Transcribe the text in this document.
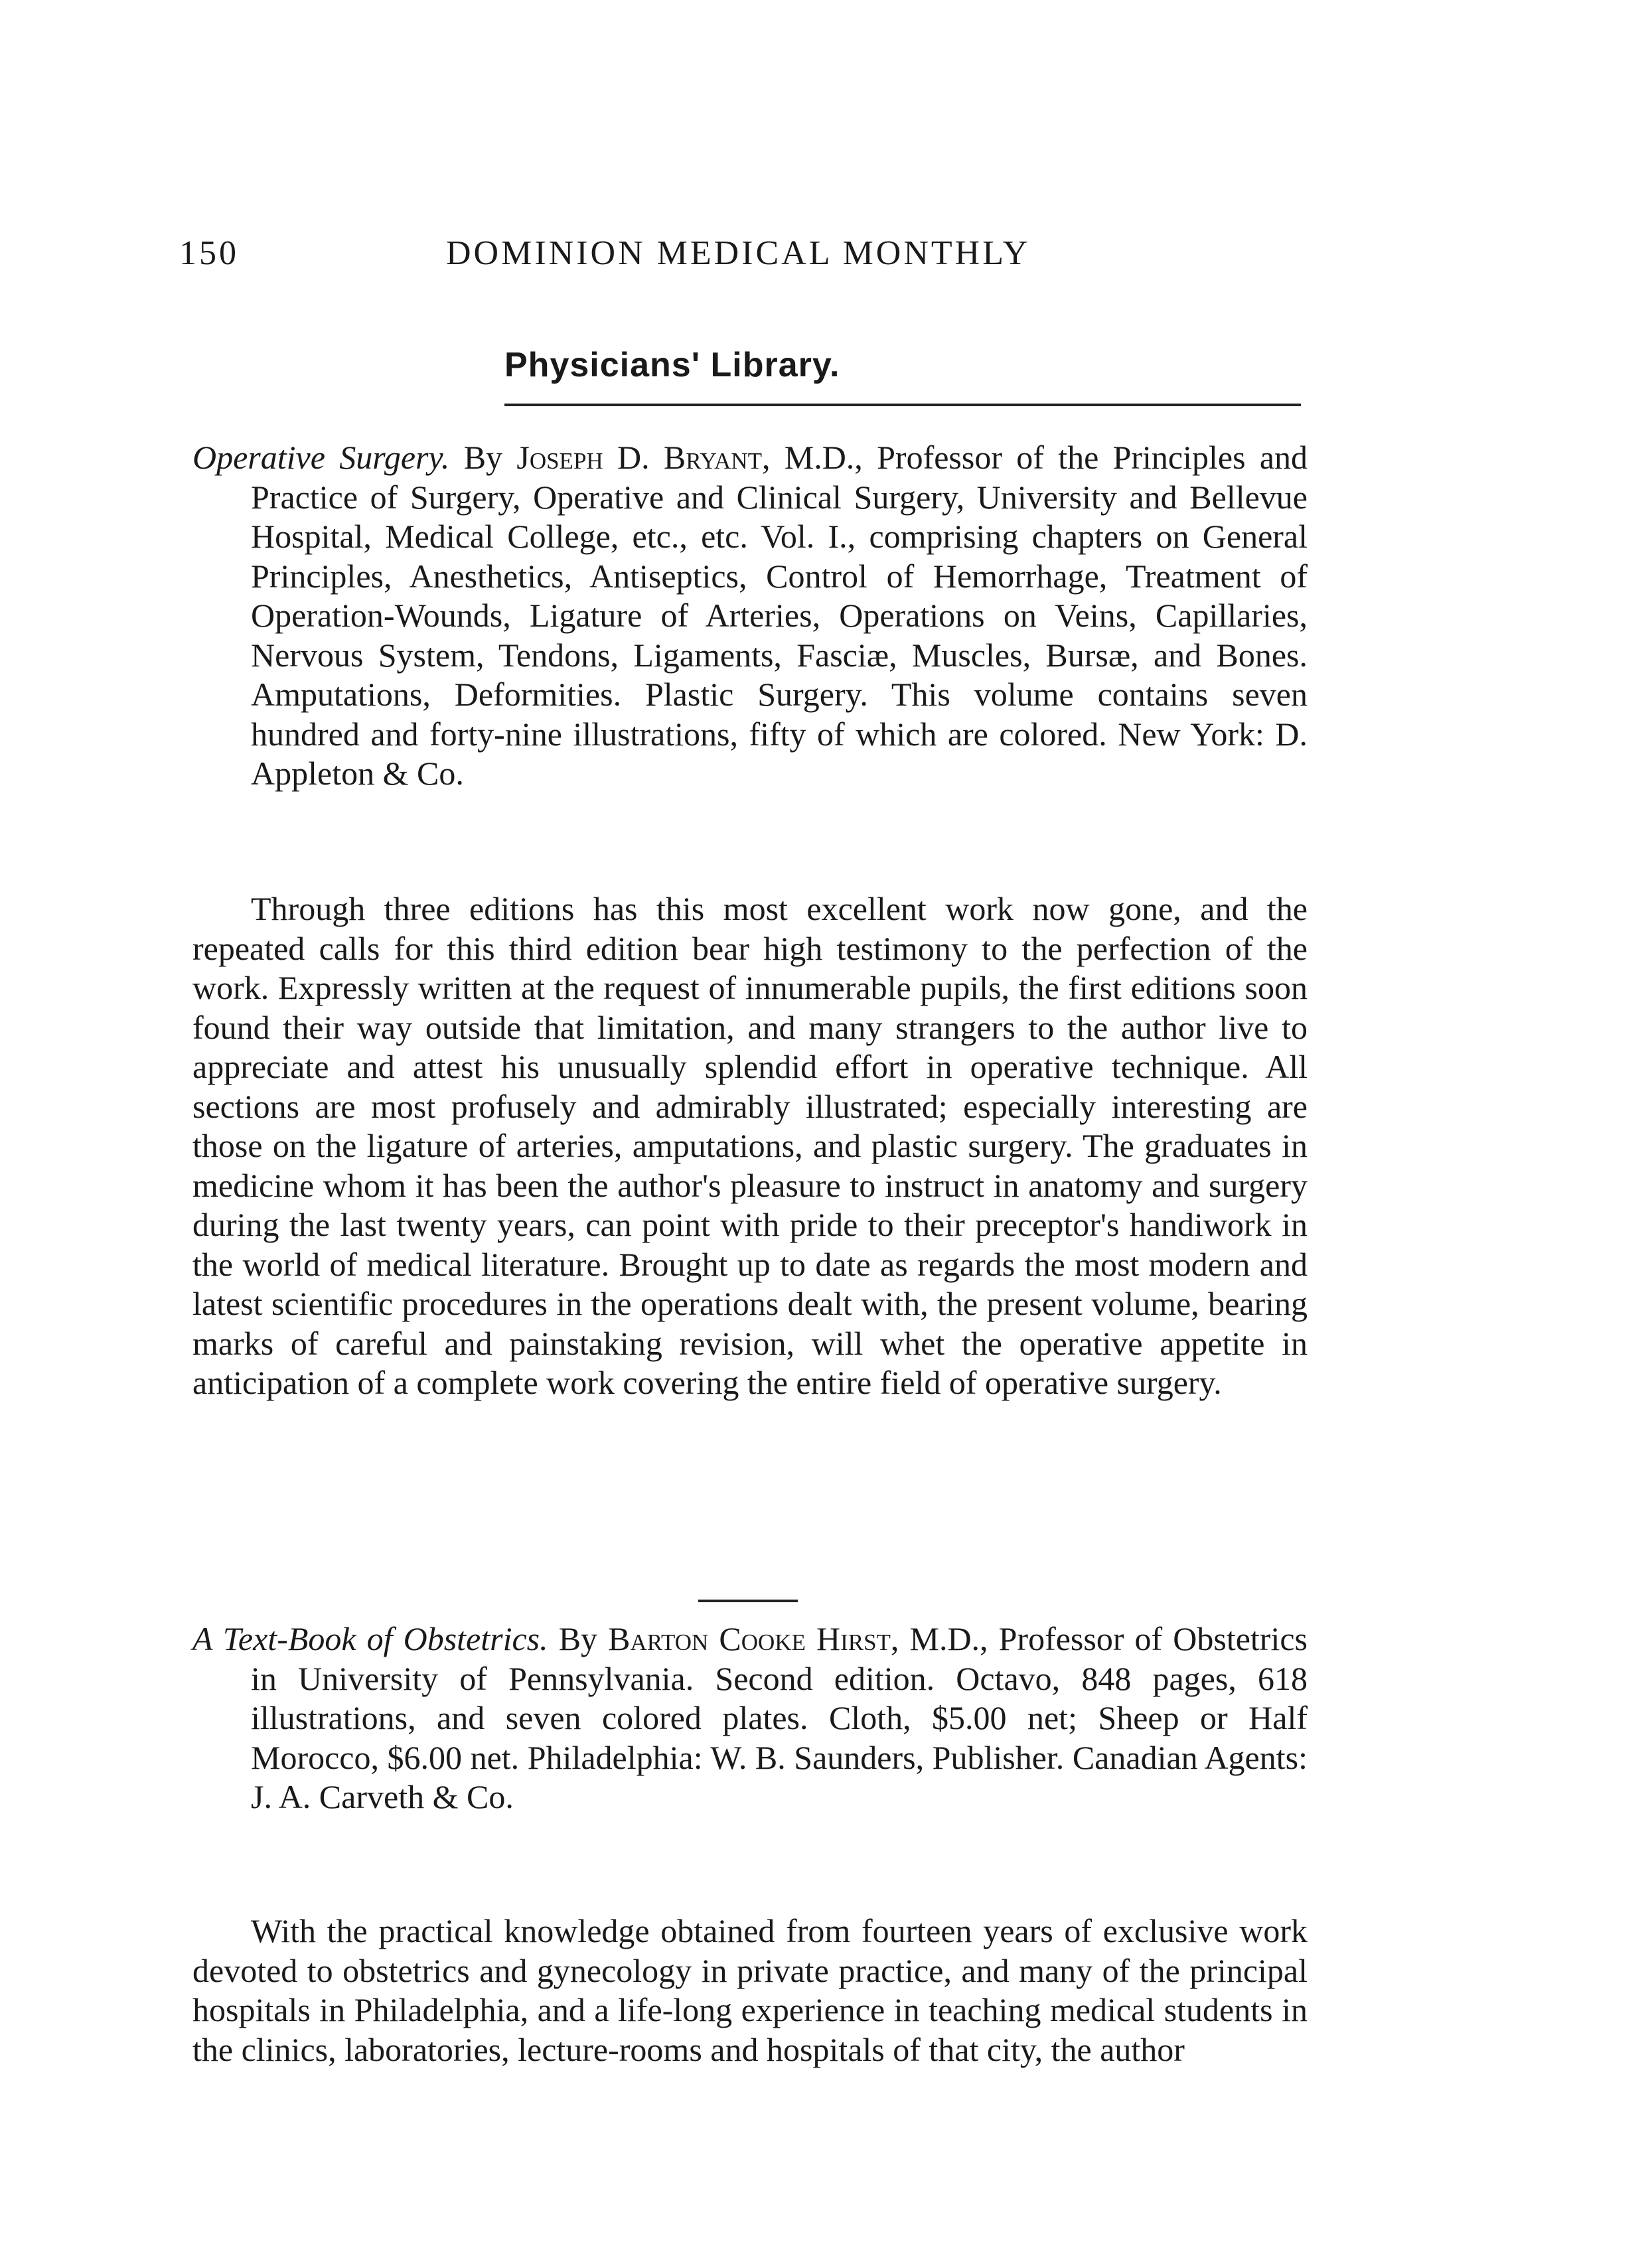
150	DOMINION MEDICAL MONTHLY
Physicians' Library.

Operative Surgery. By Joseph D. Bryant, M.D., Professor of the Principles and Practice of Surgery, Operative and Clinical Surgery, University and Bellevue Hospital, Medical College, etc., etc. Vol. I., comprising chapters on General Principles, Anesthetics, Antiseptics, Control of Hemorrhage, Treatment of Operation-Wounds, Ligature of Arteries, Operations on Veins, Capillaries, Nervous System, Tendons, Ligaments, Fasciæ, Muscles, Bursæ, and Bones. Amputations, Deformities. Plastic Surgery. This volume contains seven hundred and forty-nine illustrations, fifty of which are colored. New York: D. Appleton & Co.

Through three editions has this most excellent work now gone, and the repeated calls for this third edition bear high testimony to the perfection of the work. Expressly written at the request of innumerable pupils, the first editions soon found their way outside that limitation, and many strangers to the author live to appreciate and attest his unusually splendid effort in operative technique. All sections are most profusely and admirably illustrated; especially interesting are those on the ligature of arteries, amputations, and plastic surgery. The graduates in medicine whom it has been the author's pleasure to instruct in anatomy and surgery during the last twenty years, can point with pride to their preceptor's handiwork in the world of medical literature. Brought up to date as regards the most modern and latest scientific procedures in the operations dealt with, the present volume, bearing marks of careful and painstaking revision, will whet the operative appetite in anticipation of a complete work covering the entire field of operative surgery.

A Text-Book of Obstetrics. By Barton Cooke Hirst, M.D., Professor of Obstetrics in University of Pennsylvania. Second edition. Octavo, 848 pages, 618 illustrations, and seven colored plates. Cloth, $5.00 net; Sheep or Half Morocco, $6.00 net. Philadelphia: W. B. Saunders, Publisher. Canadian Agents: J. A. Carveth & Co.

With the practical knowledge obtained from fourteen years of exclusive work devoted to obstetrics and gynecology in private practice, and many of the principal hospitals in Philadelphia, and a life-long experience in teaching medical students in the clinics, laboratories, lecture-rooms and hospitals of that city, the author
